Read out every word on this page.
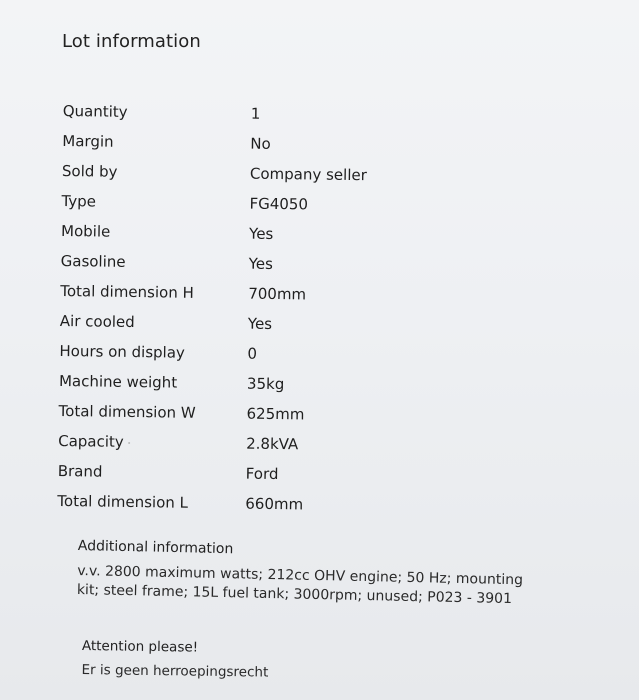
Lot information
Quantity	1
Margin	No
Sold by	Company seller
Type	FG4050
Mobile	Yes
Gasoline	Yes
Total dimension H	700mm
Air cooled	Yes
Hours on display	0
Machine weight	35kg
Total dimension W	625mm
Capacity	2.8kVA
Brand	Ford
Total dimension L	660mm
Additional information
v.v. 2800 maximum watts; 212cc OHV engine; 50 Hz; mounting kit; steel frame; 15L fuel tank; 3000rpm; unused; P023 - 3901
Attention please!
Er is geen herroepingsrecht
